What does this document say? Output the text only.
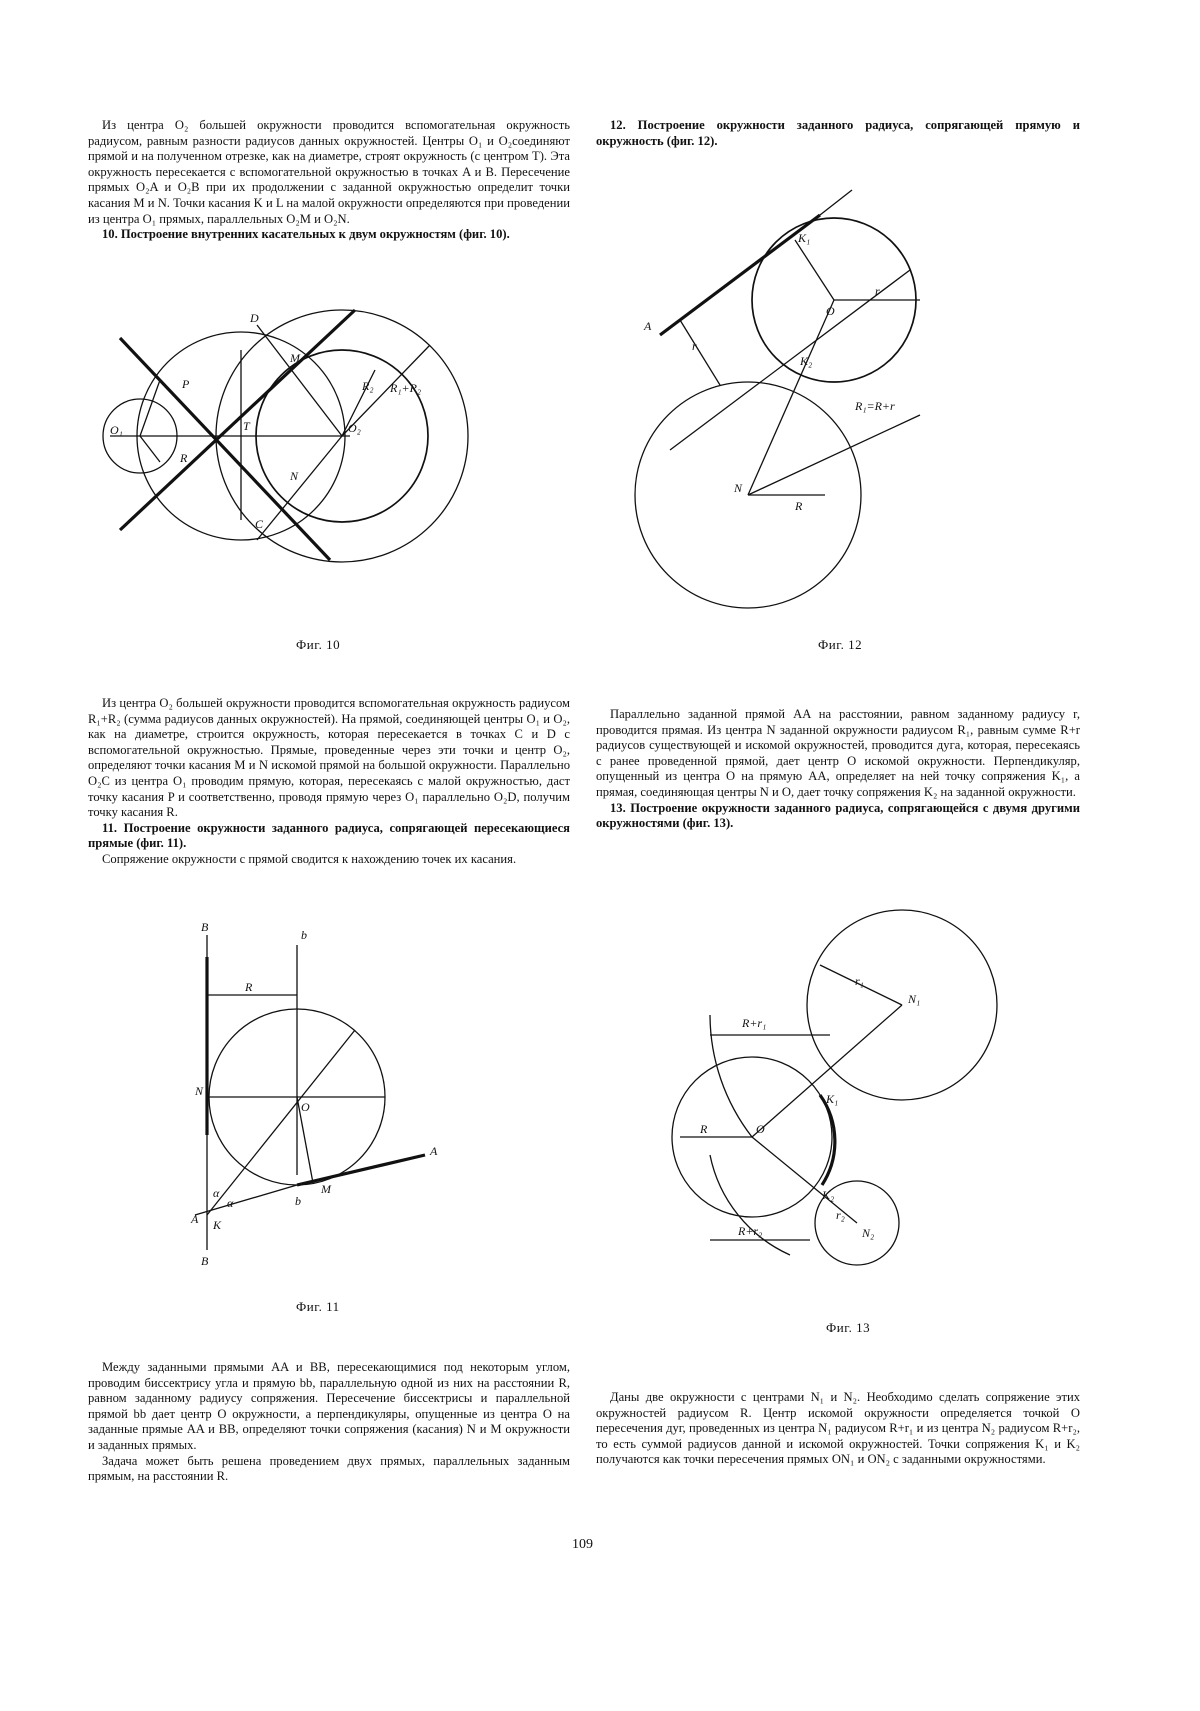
Из центра O₂ большей окружности проводится вспомогательная окружность радиусом, равным разности радиусов данных окружностей. Центры O₁ и O₂соединяют прямой и на полученном отрезке, как на диаметре, строят окружность (с центром T). Эта окружность пересекается с вспомогательной окружностью в точках A и B. Пересечение прямых O₂A и O₂B при их продолжении с заданной окружностью определит точки касания M и N. Точки касания K и L на малой окружности определяются при проведении из центра O₁ прямых, параллельных O₂M и O₂N.

10. Построение внутренних касательных к двум окружностям (фиг. 10).

12. Построение окружности заданного радиуса, сопрягающей прямую и окружность (фиг. 12).

D
M
P
O₁	T	O₂
R
N
C
R₂ R₁+R₂
Фиг. 10
A
K₁
O
r
K₂
N
R
R₁=R+r
r
Фиг. 12

Из центра O₂ большей окружности проводится вспомогательная окружность радиусом R₁+R₂ (сумма радиусов данных окружностей). На прямой, соединяющей центры O₁ и O₂, как на диаметре, строится окружность, которая пересекается в точках C и D с вспомогательной окружностью. Прямые, проведенные через эти точки и центр O₂, определяют точки касания M и N искомой прямой на большой окружности. Параллельно O₂C из центра O₁ проводим прямую, которая, пересекаясь с малой окружностью, даст точку касания P и соответственно, проводя прямую через O₁ параллельно O₂D, получим точку касания R.

11. Построение окружности заданного радиуса, сопрягающей пересекающиеся прямые (фиг. 11).

Сопряжение окружности с прямой сводится к нахождению точек их касания.

Параллельно заданной прямой AA на расстоянии, равном заданному радиусу r, проводится прямая. Из центра N заданной окружности радиусом R₁, равным сумме R+r радиусов существующей и искомой окружностей, проводится дуга, которая, пересекаясь с ранее проведенной прямой, дает центр O искомой окружности. Перпендикуляр, опущенный из центра O на прямую AA, определяет на ней точку сопряжения K₁, а прямая, соединяющая центры N и O, дает точку сопряжения K₂ на заданной окружности.

13. Построение окружности заданного радиуса, сопрягающейся с двумя другими окружностями (фиг. 13).

B
b
R
N
O
α
α
A K
b
M
A
B
Фиг. 11
r₁
N₁
R+r₁
K₁
R	O
K₂
r₂
N₂
R+r₂
Фиг. 13

Между заданными прямыми AA и BB, пересекающимися под некоторым углом, проводим биссектрису угла и прямую bb, параллельную одной из них на расстоянии R, равном заданному радиусу сопряжения. Пересечение биссектрисы и параллельной прямой bb дает центр O окружности, а перпендикуляры, опущенные из центра O на заданные прямые AA и BB, определяют точки сопряжения (касания) N и M окружности и заданных прямых.

Задача может быть решена проведением двух прямых, параллельных заданным прямым, на расстоянии R.

Даны две окружности с центрами N₁ и N₂. Необходимо сделать сопряжение этих окружностей радиусом R. Центр искомой окружности определяется точкой O пересечения дуг, проведенных из центра N₁ радиусом R+r₁ и из центра N₂ радиусом R+r₂, то есть суммой радиусов данной и искомой окружностей. Точки сопряжения K₁ и K₂ получаются как точки пересечения прямых ON₁ и ON₂ с заданными окружностями.

109
